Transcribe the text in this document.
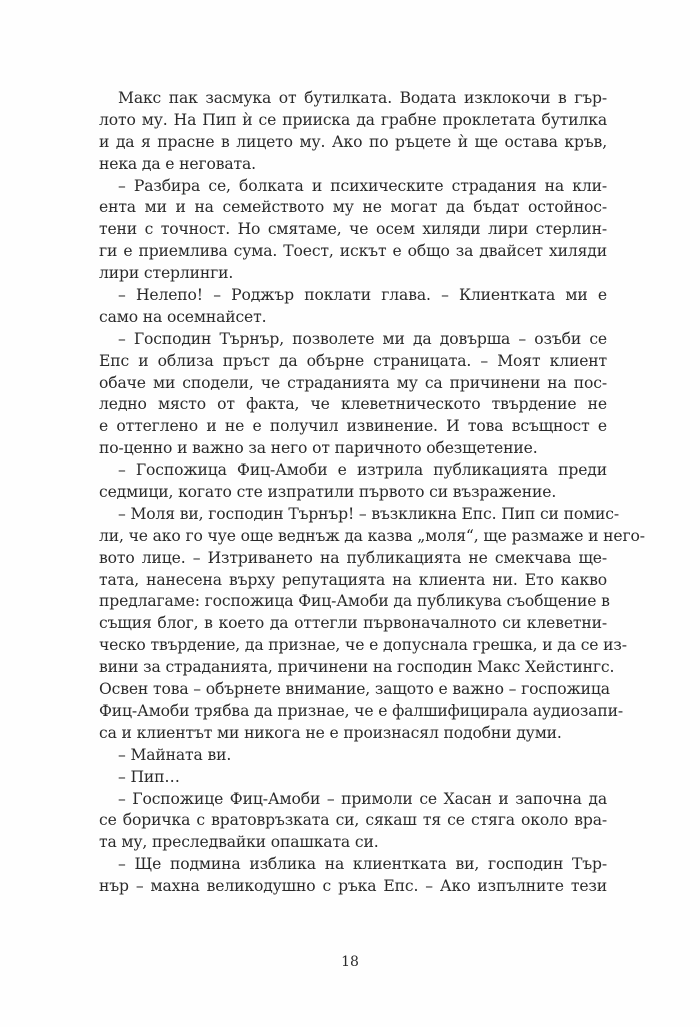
Макс пак засмука от бутилката. Водата изклокочи в гър-
лото му. На Пип ѝ се прииска да грабне проклетата бутилка
и да я прасне в лицето му. Ако по ръцете ѝ ще остава кръв,
нека да е неговата.
– Разбира се, болката и психическите страдания на кли-
ента ми и на семейството му не могат да бъдат остойнос-
тени с точност. Но смятаме, че осем хиляди лири стерлин-
ги е приемлива сума. Тоест, искът е общо за двайсет хиляди
лири стерлинги.
– Нелепо! – Роджър поклати глава. – Клиентката ми е
само на осемнайсет.
– Господин Търнър, позволете ми да довърша – озъби се
Епс и облиза пръст да обърне страницата. – Моят клиент
обаче ми сподели, че страданията му са причинени на пос-
ледно място от факта, че клеветническото твърдение не
е оттеглено и не е получил извинение. И това всъщност е
по-ценно и важно за него от паричното обезщетение.
– Госпожица Фиц-Амоби е изтрила публикацията преди
седмици, когато сте изпратили първото си възражение.
– Моля ви, господин Търнър! – възкликна Епс. Пип си помис-
ли, че ако го чуе още веднъж да казва „моля“, ще размаже и него-
вото лице. – Изтриването на публикацията не смекчава ще-
тата, нанесена върху репутацията на клиента ни. Ето какво
предлагаме: госпожица Фиц-Амоби да публикува съобщение в
същия блог, в което да оттегли първоначалното си клеветни-
ческо твърдение, да признае, че е допуснала грешка, и да се из-
вини за страданията, причинени на господин Макс Хейстингс.
Освен това – обърнете внимание, защото е важно – госпожица
Фиц-Амоби трябва да признае, че е фалшифицирала аудиозапи-
са и клиентът ми никога не е произнасял подобни думи.
– Майната ви.
– Пип…
– Госпожице Фиц-Амоби – примоли се Хасан и започна да
се боричка с вратовръзката си, сякаш тя се стяга около вра-
та му, преследвайки опашката си.
– Ще подмина изблика на клиентката ви, господин Тър-
нър – махна великодушно с ръка Епс. – Ако изпълните тези
18
